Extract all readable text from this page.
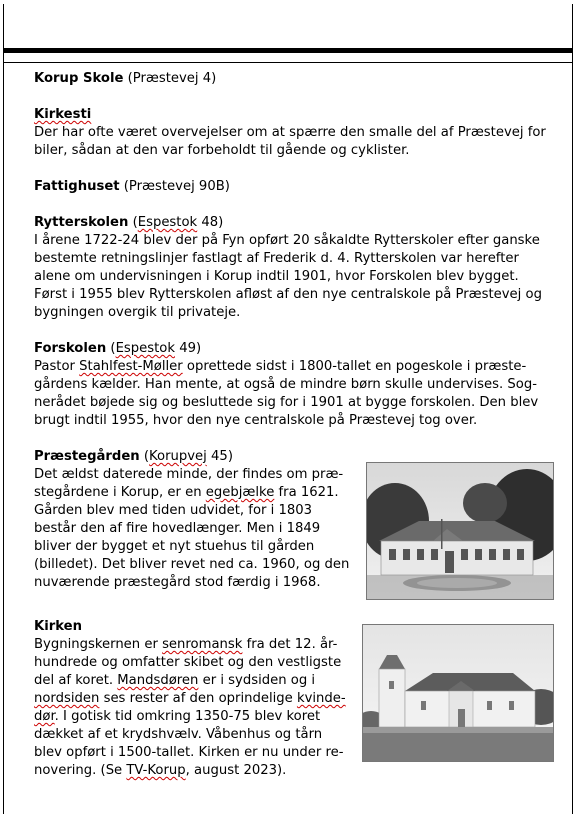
Korup Skole (Præstevej 4)
Kirkesti
Der har ofte været overvejelser om at spærre den smalle del af Præstevej for biler, sådan at den var forbeholdt til gående og cyklister.
Fattighuset (Præstevej 90B)
Rytterskolen (Espestok 48)
I årene 1722-24 blev der på Fyn opført 20 såkaldte Rytterskoler efter ganske bestemte retningslinjer fastlagt af Frederik d. 4. Rytterskolen var herefter alene om undervisningen i Korup indtil 1901, hvor Forskolen blev bygget. Først i 1955 blev Rytterskolen afløst af den nye centralskole på Præstevej og bygningen overgik til privateje.
Forskolen (Espestok 49)
Pastor Stahlfest-Møller oprettede sidst i 1800-tallet en pogeskole i præste-gårdens kælder. Han mente, at også de mindre børn skulle undervises. Sog-nerådet bøjede sig og besluttede sig for i 1901 at bygge forskolen. Den blev brugt indtil 1955, hvor den nye centralskole på Præstevej tog over.
Præstegården (Korupvej 45)
Det ældst daterede minde, der findes om præ-stegårdene i Korup, er en egebjælke fra 1621. Gården blev med tiden udvidet, for i 1803 består den af fire hovedlænger. Men i 1849 bliver der bygget et nyt stuehus til gården (billedet). Det bliver revet ned ca. 1960, og den nuværende præstegård stod færdig i 1968.
Kirken
Bygningskernen er senromansk fra det 12. år-hundrede og omfatter skibet og den vestligste del af koret. Mandsdøren er i sydsiden og i nordsiden ses rester af den oprindelige kvinde-dør. I gotisk tid omkring 1350-75 blev koret dækket af et krydshvælv. Våbenhus og tårn blev opført i 1500-tallet. Kirken er nu under re-novering. (Se TV-Korup, august 2023).
